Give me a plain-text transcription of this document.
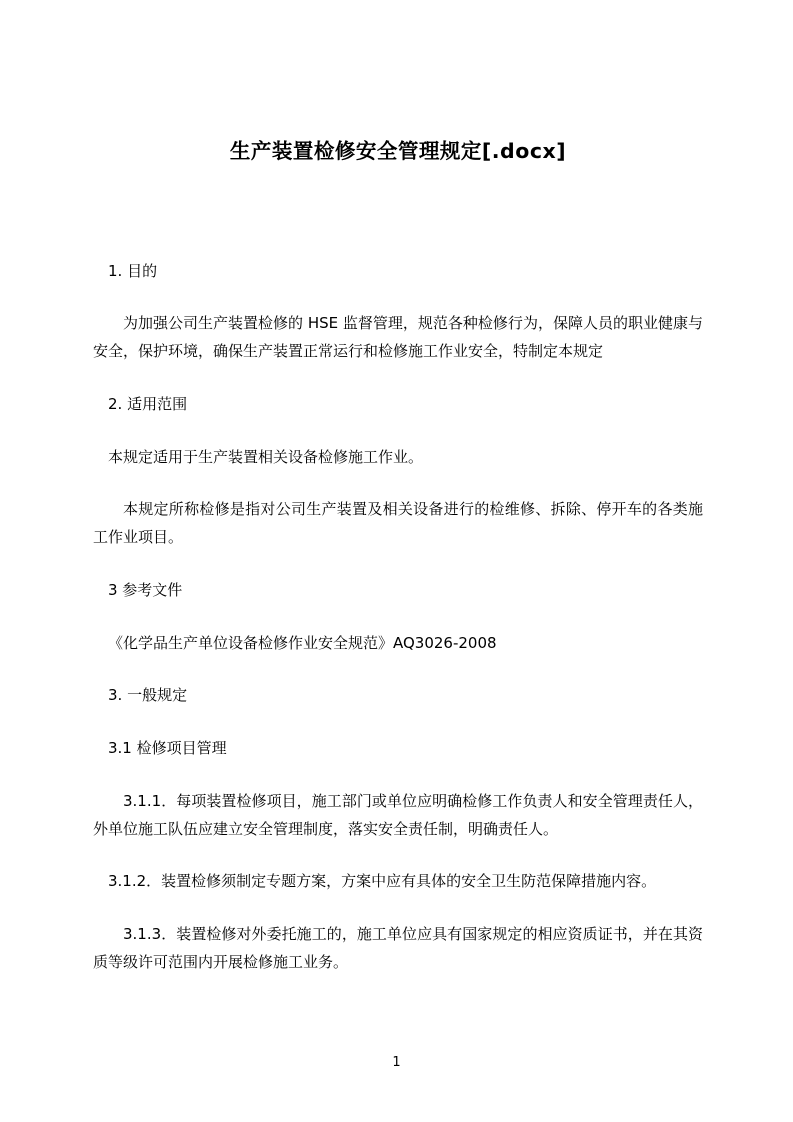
生产装置检修安全管理规定[.docx]

1. 目的

为加强公司生产装置检修的 HSE 监督管理，规范各种检修行为，保障人员的职业健康与安全，保护环境，确保生产装置正常运行和检修施工作业安全，特制定本规定

2. 适用范围

本规定适用于生产装置相关设备检修施工作业。

本规定所称检修是指对公司生产装置及相关设备进行的检维修、拆除、停开车的各类施工作业项目。

3 参考文件

《化学品生产单位设备检修作业安全规范》AQ3026-2008

3. 一般规定

3.1 检修项目管理

3.1.1．每项装置检修项目，施工部门或单位应明确检修工作负责人和安全管理责任人，外单位施工队伍应建立安全管理制度，落实安全责任制，明确责任人。

3.1.2．装置检修须制定专题方案，方案中应有具体的安全卫生防范保障措施内容。

3.1.3．装置检修对外委托施工的，施工单位应具有国家规定的相应资质证书，并在其资质等级许可范围内开展检修施工业务。

1
